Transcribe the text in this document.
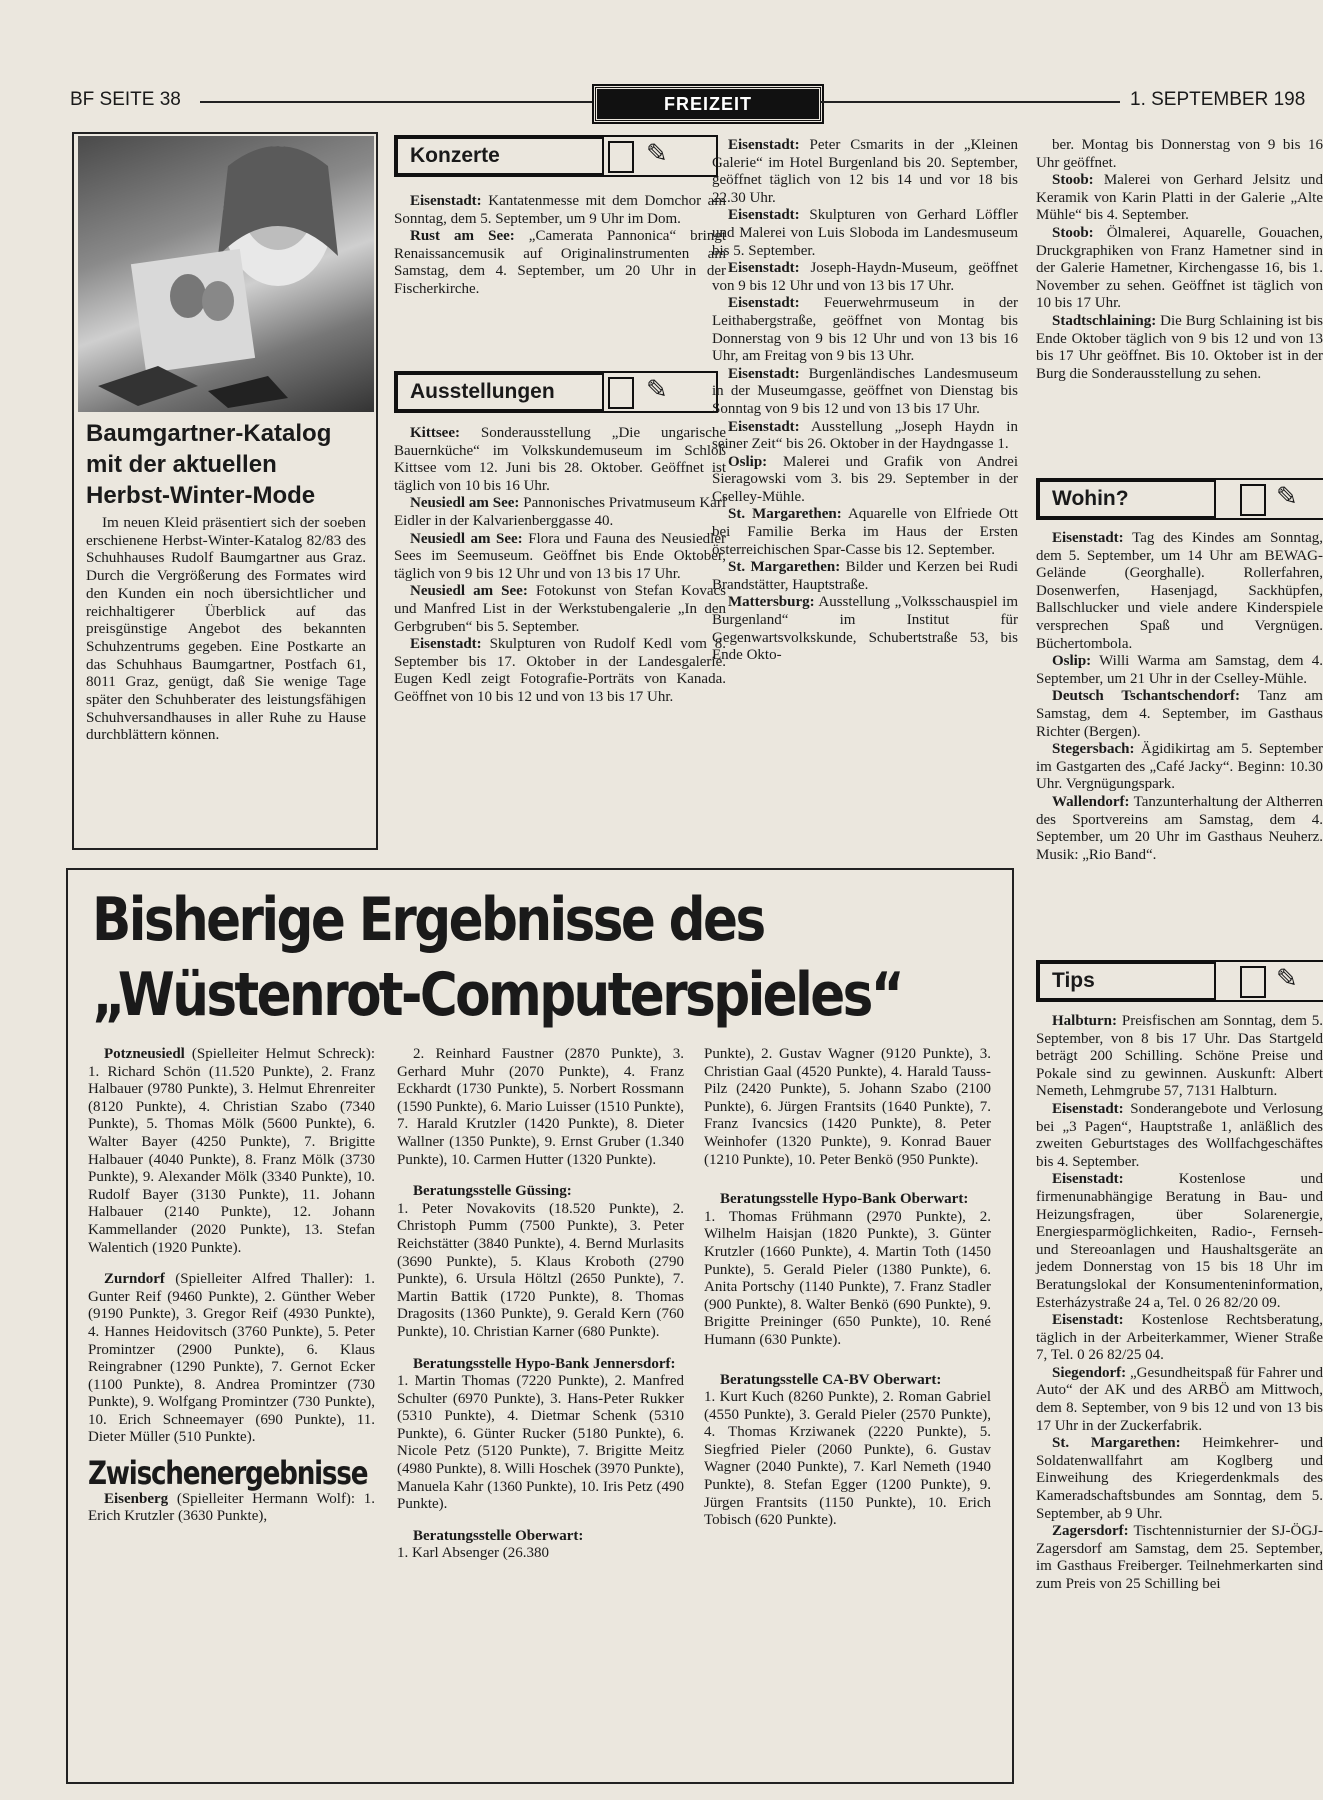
BF SEITE 38	FREIZEIT	1. SEPTEMBER 198
Baumgartner-Katalog
mit der aktuellen
Herbst-Winter-Mode

Im neuen Kleid präsentiert sich der soeben erschienene Herbst-Winter-Katalog 82/83 des Schuhhauses Rudolf Baumgartner aus Graz. Durch die Vergrößerung des Formates wird den Kunden ein noch übersichtlicher und reichhaltigerer Überblick auf das preisgünstige Angebot des bekannten Schuhzentrums gegeben. Eine Postkarte an das Schuhhaus Baumgartner, Postfach 61, 8011 Graz, genügt, daß Sie wenige Tage später den Schuhberater des leistungsfähigen Schuhversandhauses in aller Ruhe zu Hause durchblättern können.

Konzerte	✎

Eisenstadt: Kantatenmesse mit dem Domchor am Sonntag, dem 5. September, um 9 Uhr im Dom.

Rust am See: „Camerata Pannonica“ bringt Renaissancemusik auf Originalinstrumenten am Samstag, dem 4. September, um 20 Uhr in der Fischerkirche.

Ausstellungen	✎

Kittsee: Sonderausstellung „Die ungarische Bauernküche“ im Volkskundemuseum im Schloß Kittsee vom 12. Juni bis 28. Oktober. Geöffnet ist täglich von 10 bis 16 Uhr.

Neusiedl am See: Pannonisches Privatmuseum Karl Eidler in der Kalvarienberggasse 40.

Neusiedl am See: Flora und Fauna des Neusiedler Sees im Seemuseum. Geöffnet bis Ende Oktober, täglich von 9 bis 12 Uhr und von 13 bis 17 Uhr.

Neusiedl am See: Fotokunst von Stefan Kovacs und Manfred List in der Werkstubengalerie „In den Gerbgruben“ bis 5. September.

Eisenstadt: Skulpturen von Rudolf Kedl vom 8. September bis 17. Oktober in der Landesgalerie. Eugen Kedl zeigt Fotografie-Porträts von Kanada. Geöffnet von 10 bis 12 und von 13 bis 17 Uhr.

Eisenstadt: Peter Csmarits in der „Kleinen Galerie“ im Hotel Burgenland bis 20. September, geöffnet täglich von 12 bis 14 und vor 18 bis 22.30 Uhr.

Eisenstadt: Skulpturen von Gerhard Löffler und Malerei von Luis Sloboda im Landesmuseum bis 5. September.

Eisenstadt: Joseph-Haydn-Museum, geöffnet von 9 bis 12 Uhr und von 13 bis 17 Uhr.

Eisenstadt: Feuerwehrmuseum in der Leithabergstraße, geöffnet von Montag bis Donnerstag von 9 bis 12 Uhr und von 13 bis 16 Uhr, am Freitag von 9 bis 13 Uhr.

Eisenstadt: Burgenländisches Landesmuseum in der Museumgasse, geöffnet von Dienstag bis Sonntag von 9 bis 12 und von 13 bis 17 Uhr.

Eisenstadt: Ausstellung „Joseph Haydn in seiner Zeit“ bis 26. Oktober in der Haydngasse 1.

Oslip: Malerei und Grafik von Andrei Sieragowski vom 3. bis 29. September in der Cselley-Mühle.

St. Margarethen: Aquarelle von Elfriede Ott bei Familie Berka im Haus der Ersten österreichischen Spar-Casse bis 12. September.

St. Margarethen: Bilder und Kerzen bei Rudi Brandstätter, Hauptstraße.

Mattersburg: Ausstellung „Volksschauspiel im Burgenland“ im Institut für Gegenwartsvolkskunde, Schubertstraße 53, bis Ende Okto-

ber. Montag bis Donnerstag von 9 bis 16 Uhr geöffnet.

Stoob: Malerei von Gerhard Jelsitz und Keramik von Karin Platti in der Galerie „Alte Mühle“ bis 4. September.

Stoob: Ölmalerei, Aquarelle, Gouachen, Druckgraphiken von Franz Hametner sind in der Galerie Hametner, Kirchengasse 16, bis 1. November zu sehen. Geöffnet ist täglich von 10 bis 17 Uhr.

Stadtschlaining: Die Burg Schlaining ist bis Ende Oktober täglich von 9 bis 12 und von 13 bis 17 Uhr geöffnet. Bis 10. Oktober ist in der Burg die Sonderausstellung zu sehen.

Wohin?	✎

Eisenstadt: Tag des Kindes am Sonntag, dem 5. September, um 14 Uhr am BEWAG-Gelände (Georghalle). Rollerfahren, Dosenwerfen, Hasenjagd, Sackhüpfen, Ballschlucker und viele andere Kinderspiele versprechen Spaß und Vergnügen. Büchertombola.

Oslip: Willi Warma am Samstag, dem 4. September, um 21 Uhr in der Cselley-Mühle.

Deutsch Tschantschendorf: Tanz am Samstag, dem 4. September, im Gasthaus Richter (Bergen).

Stegersbach: Ägidikirtag am 5. September im Gastgarten des „Café Jacky“. Beginn: 10.30 Uhr. Vergnügungspark.

Wallendorf: Tanzunterhaltung der Altherren des Sportvereins am Samstag, dem 4. September, um 20 Uhr im Gasthaus Neuherz. Musik: „Rio Band“.

Tips	✎

Halbturn: Preisfischen am Sonntag, dem 5. September, von 8 bis 17 Uhr. Das Startgeld beträgt 200 Schilling. Schöne Preise und Pokale sind zu gewinnen. Auskunft: Albert Nemeth, Lehmgrube 57, 7131 Halbturn.

Eisenstadt: Sonderangebote und Verlosung bei „3 Pagen“, Hauptstraße 1, anläßlich des zweiten Geburtstages des Wollfachgeschäftes bis 4. September.

Eisenstadt:	Kostenlose und firmenunabhängige Beratung in Bau- und Heizungsfragen, über Solarenergie, Energiesparmöglichkeiten, Radio-, Fernseh- und Stereoanlagen und Haushaltsgeräte an jedem Donnerstag von 15 bis 18 Uhr im Beratungslokal der Konsumenteninformation, Esterházystraße 24 a, Tel. 0 26 82/20 09.

Eisenstadt: Kostenlose Rechtsberatung, täglich in der Arbeiterkammer, Wiener Straße 7, Tel. 0 26 82/25 04.

Siegendorf: „Gesundheitspaß für Fahrer und Auto“ der AK und des ARBÖ am Mittwoch, dem 8. September, von 9 bis 12 und von 13 bis 17 Uhr in der Zuckerfabrik.

St. Margarethen: Heimkehrer- und Soldatenwallfahrt am Koglberg und Einweihung des Kriegerdenkmals des Kameradschaftsbundes am Sonntag, dem 5. September, ab 9 Uhr.

Zagersdorf: Tischtennisturnier der SJ-ÖGJ-Zagersdorf am Samstag, dem 25. September, im Gasthaus Freiberger. Teilnehmerkarten sind zum Preis von 25 Schilling bei

Bisherige Ergebnisse des
„Wüstenrot-Computerspieles“

Potzneusiedl (Spielleiter Helmut Schreck): 1. Richard Schön (11.520 Punkte), 2. Franz Halbauer (9780 Punkte), 3. Helmut Ehrenreiter (8120 Punkte), 4. Christian Szabo (7340 Punkte), 5. Thomas Mölk (5600 Punkte), 6. Walter Bayer (4250 Punkte), 7. Brigitte Halbauer (4040 Punkte), 8. Franz Mölk (3730 Punkte), 9. Alexander Mölk (3340 Punkte), 10. Rudolf Bayer (3130 Punkte), 11. Johann Halbauer (2140 Punkte), 12. Johann Kammellander (2020 Punkte), 13. Stefan Walentich (1920 Punkte).

Zurndorf (Spielleiter Alfred Thaller): 1. Gunter Reif (9460 Punkte), 2. Günther Weber (9190 Punkte), 3. Gregor Reif (4930 Punkte), 4. Hannes Heidovitsch (3760 Punkte), 5. Peter Promintzer (2900 Punkte), 6. Klaus Reingrabner (1290 Punkte), 7. Gernot Ecker (1100 Punkte), 8. Andrea Promintzer (730 Punkte), 9. Wolfgang Promintzer (730 Punkte), 10. Erich Schneemayer (690 Punkte), 11. Dieter Müller (510 Punkte).

Zwischenergebnisse

Eisenberg (Spielleiter Hermann Wolf): 1. Erich Krutzler (3630 Punkte),

2. Reinhard Faustner (2870 Punkte), 3. Gerhard Muhr (2070 Punkte), 4. Franz Eckhardt (1730 Punkte), 5. Norbert Rossmann (1590 Punkte), 6. Mario Luisser (1510 Punkte), 7. Harald Krutzler (1420 Punkte), 8. Dieter Wallner (1350 Punkte), 9. Ernst Gruber (1.340 Punkte), 10. Carmen Hutter (1320 Punkte).

Beratungsstelle Güssing:
1. Peter Novakovits (18.520 Punkte), 2. Christoph Pumm (7500 Punkte), 3. Peter Reichstätter (3840 Punkte), 4. Bernd Murlasits (3690 Punkte), 5. Klaus Kroboth (2790 Punkte), 6. Ursula Höltzl (2650 Punkte), 7. Martin Battik (1720 Punkte), 8. Thomas Dragosits (1360 Punkte), 9. Gerald Kern (760 Punkte), 10. Christian Karner (680 Punkte).

Beratungsstelle Hypo-Bank Jennersdorf:
1. Martin Thomas (7220 Punkte), 2. Manfred Schulter (6970 Punkte), 3. Hans-Peter Rukker (5310 Punkte), 4. Dietmar Schenk (5310 Punkte), 6. Günter Rucker (5180 Punkte), 6. Nicole Petz (5120 Punkte), 7. Brigitte Meitz (4980 Punkte), 8. Willi Hoschek (3970 Punkte), Manuela Kahr (1360 Punkte), 10. Iris Petz (490 Punkte).

Beratungsstelle Oberwart:
1. Karl Absenger (26.380

Punkte), 2. Gustav Wagner (9120 Punkte), 3. Christian Gaal (4520 Punkte), 4. Harald Tauss-Pilz (2420 Punkte), 5. Johann Szabo (2100 Punkte), 6. Jürgen Frantsits (1640 Punkte), 7. Franz Ivancsics (1420 Punkte), 8. Peter Weinhofer (1320 Punkte), 9. Konrad Bauer (1210 Punkte), 10. Peter Benkö (950 Punkte).

Beratungsstelle Hypo-Bank Oberwart:
1. Thomas Frühmann (2970 Punkte), 2. Wilhelm Haisjan (1820 Punkte), 3. Günter Krutzler (1660 Punkte), 4. Martin Toth (1450 Punkte), 5. Gerald Pieler (1380 Punkte), 6. Anita Portschy (1140 Punkte), 7. Franz Stadler (900 Punkte), 8. Walter Benkö (690 Punkte), 9. Brigitte Preininger (650 Punkte), 10. René Humann (630 Punkte).

Beratungsstelle CA-BV Oberwart:
1. Kurt Kuch (8260 Punkte), 2. Roman Gabriel (4550 Punkte), 3. Gerald Pieler (2570 Punkte), 4. Thomas Krziwanek (2220 Punkte), 5. Siegfried Pieler (2060 Punkte), 6. Gustav Wagner (2040 Punkte), 7. Karl Nemeth (1940 Punkte), 8. Stefan Egger (1200 Punkte), 9. Jürgen Frantsits (1150 Punkte), 10. Erich Tobisch (620 Punkte).
